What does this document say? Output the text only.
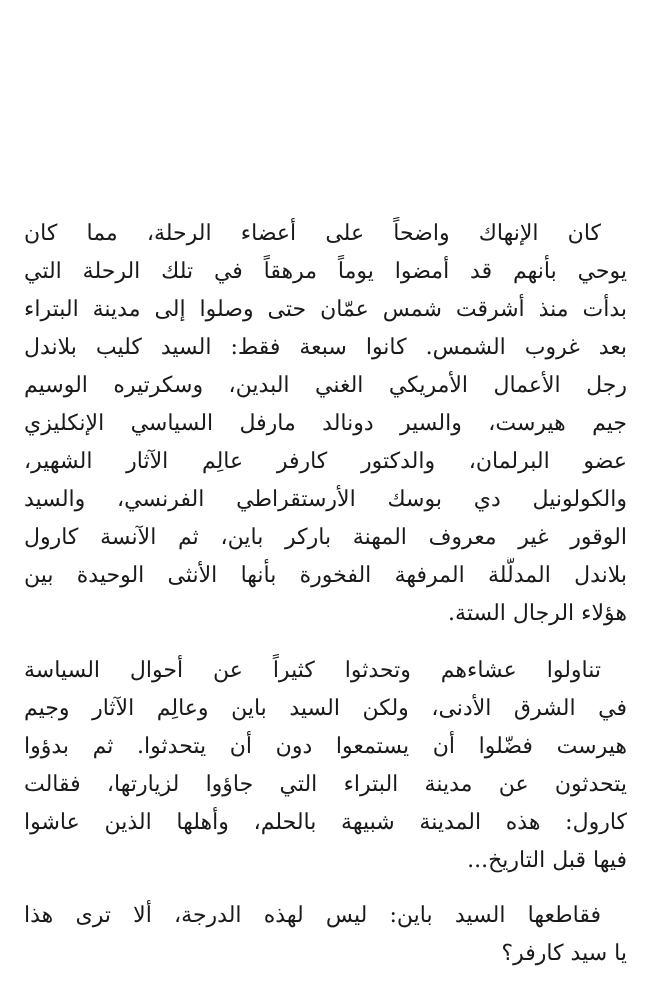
كان الإنهاك واضحاً على أعضاء الرحلة، مما كان
يوحي بأنهم قد أمضوا يوماً مرهقاً في تلك الرحلة التي
بدأت منذ أشرقت شمس عمّان حتى وصلوا إلى مدينة البتراء
بعد غروب الشمس. كانوا سبعة فقط: السيد كليب بلاندل
رجل الأعمال الأمريكي الغني البدين، وسكرتيره الوسيم
جيم هيرست، والسير دونالد مارفل السياسي الإنكليزي
عضو البرلمان، والدكتور كارفر عالِم الآثار الشهير،
والكولونيل دي بوسك الأرستقراطي الفرنسي، والسيد
الوقور غير معروف المهنة باركر باين، ثم الآنسة كارول
بلاندل المدلَّلة المرفهة الفخورة بأنها الأنثى الوحيدة بين
هؤلاء الرجال الستة.
تناولوا عشاءهم وتحدثوا كثيراً عن أحوال السياسة
في الشرق الأدنى، ولكن السيد باين وعالِم الآثار وجيم
هيرست فضّلوا أن يستمعوا دون أن يتحدثوا. ثم بدؤوا
يتحدثون عن مدينة البتراء التي جاؤوا لزيارتها، فقالت
كارول: هذه المدينة شبيهة بالحلم، وأهلها الذين عاشوا
فيها قبل التاريخ...
فقاطعها السيد باين: ليس لهذه الدرجة، ألا ترى هذا
يا سيد كارفر؟
